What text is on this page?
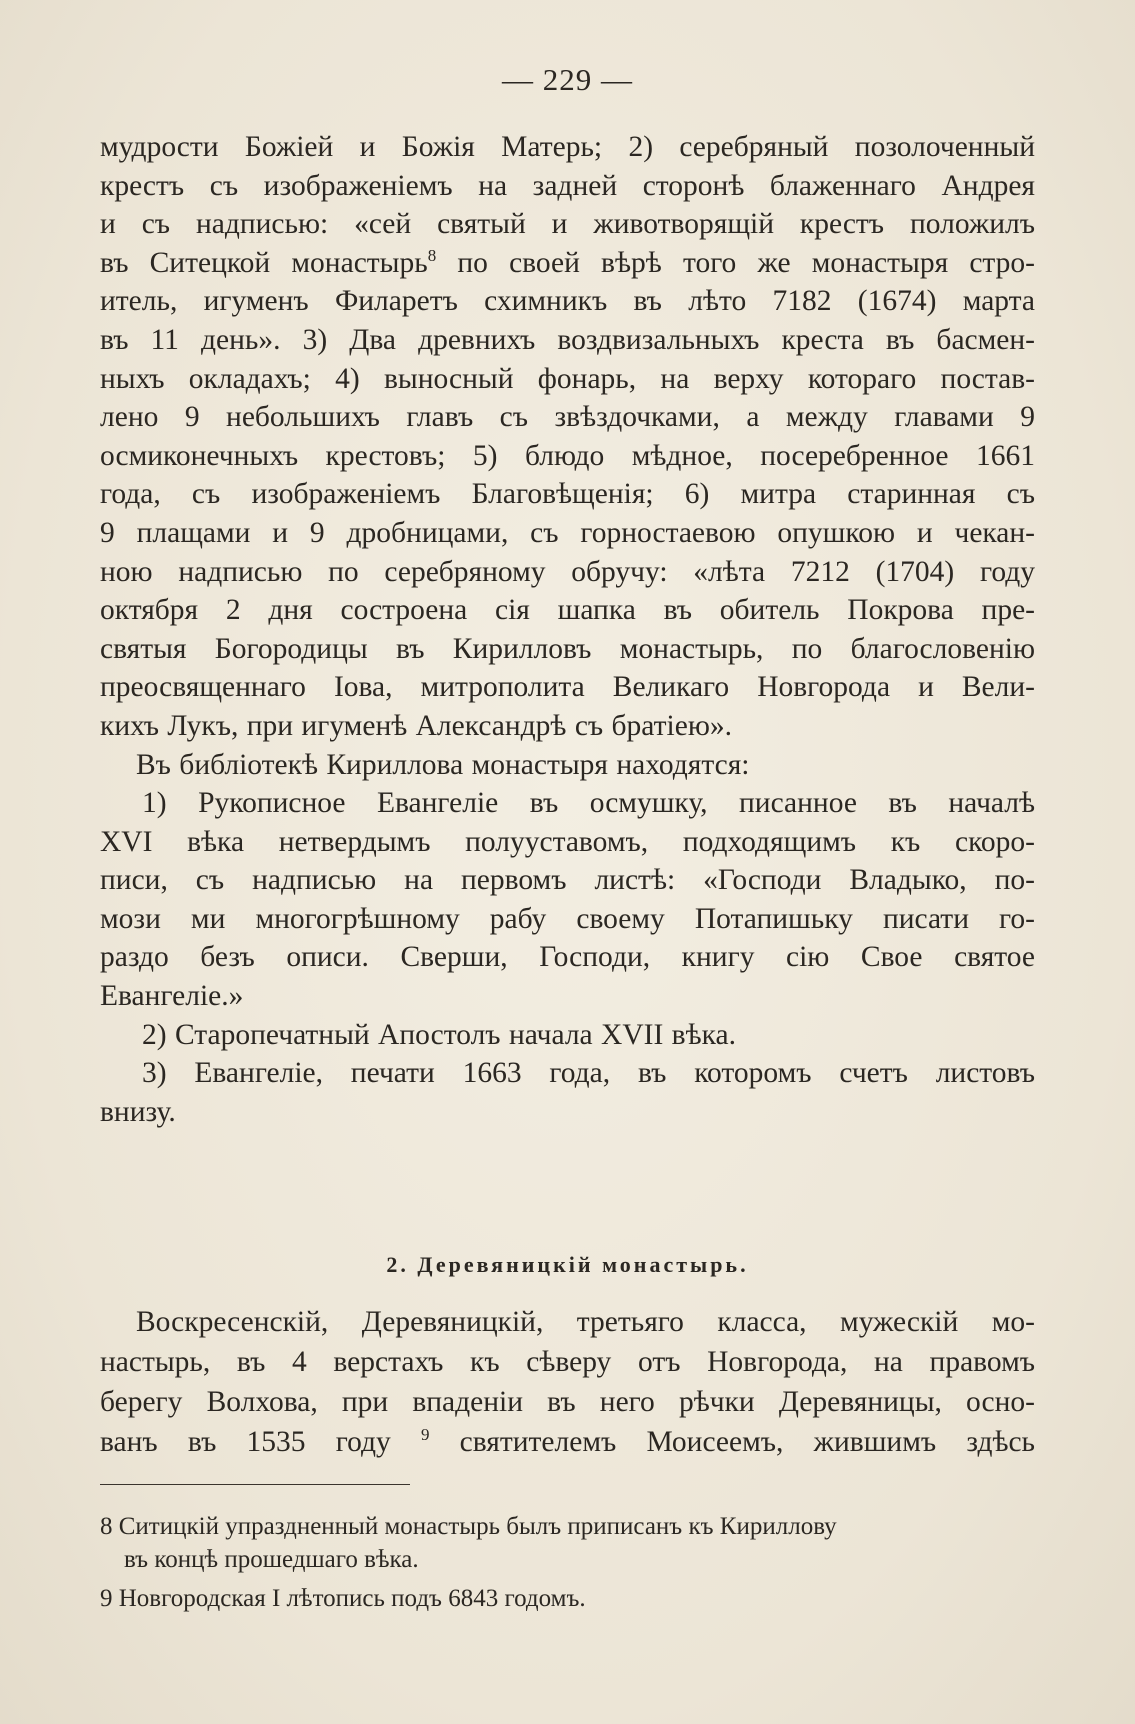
— 229 —
мудрости Божiей и Божiя Матерь; 2) серебряный позолоченный
крестъ съ изображенiемъ на задней сторонѣ блаженнаго Андрея
и съ надписью: «сей святый и животворящiй крестъ положилъ
въ Ситецкой монастырь$^8$ по своей вѣрѣ того же монастыря стро-
итель, игуменъ Филаретъ схимникъ въ лѣто 7182 (1674) марта
въ 11 день». 3) Два древнихъ воздвизальныхъ креста въ басмен-
ныхъ окладахъ; 4) выносный фонарь, на верху котораго постав-
лено 9 небольшихъ главъ съ звѣздочками, а между главами 9
осмиконечныхъ крестовъ; 5) блюдо мѣдное, посеребренное 1661
года, съ изображенiемъ Благовѣщенiя; 6) митра старинная съ
9 плащами и 9 дробницами, съ горностаевою опушкою и чекан-
ною надписью по серебряному обручу: «лѣта 7212 (1704) году
октября 2 дня состроена сiя шапка въ обитель Покрова пре-
святыя Богородицы въ Кирилловъ монастырь, по благословенiю
преосвященнаго Iова, митрополита Великаго Новгорода и Вели-
кихъ Лукъ, при игуменѣ Александрѣ съ братiею».
Въ библiотекѣ Кириллова монастыря находятся:
1) Рукописное Евангелiе въ осмушку, писанное въ началѣ
XVI вѣка нетвердымъ полууставомъ, подходящимъ къ скоро-
писи, съ надписью на первомъ листѣ: «Господи Владыко, по-
мози ми многогрѣшному рабу своему Потапишьку писати го-
раздо безъ описи. Сверши, Господи, книгу сiю Свое святое
Евангелiе.»
2) Старопечатный Апостолъ начала XVII вѣка.
3) Евангелiе, печати 1663 года, въ которомъ счетъ листовъ
внизу.
2. Деревяницкiй монастырь.
Воскресенскiй, Деревяницкiй, третьяго класса, мужескiй мо-
настырь, въ 4 верстахъ къ сѣверу отъ Новгорода, на правомъ
берегу Волхова, при впаденiи въ него рѣчки Деревяницы, осно-
ванъ въ 1535 году $^9$ святителемъ Моисеемъ, жившимъ здѣсь
8 Ситицкiй упраздненный монастырь былъ приписанъ къ Кириллову
въ концѣ прошедшаго вѣка.
9 Новгородская I лѣтопись подъ 6843 годомъ.
